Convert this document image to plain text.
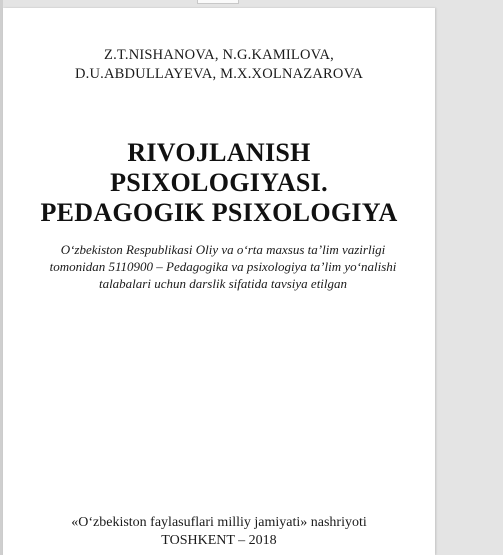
Z.T.NISHANOVA, N.G.KAMILOVA,
D.U.ABDULLAYEVA, M.X.XOLNAZAROVA
RIVOJLANISH
PSIXOLOGIYASI.
PEDAGOGIK PSIXOLOGIYA
O‘zbekiston Respublikasi Oliy va o‘rta maxsus ta’lim vazirligi
tomonidan 5110900 – Pedagogika va psixologiya ta’lim yo‘nalishi
talabalari uchun darslik sifatida tavsiya etilgan
«O‘zbekiston faylasuflari milliy jamiyati» nashriyoti
TOSHKENT – 2018
